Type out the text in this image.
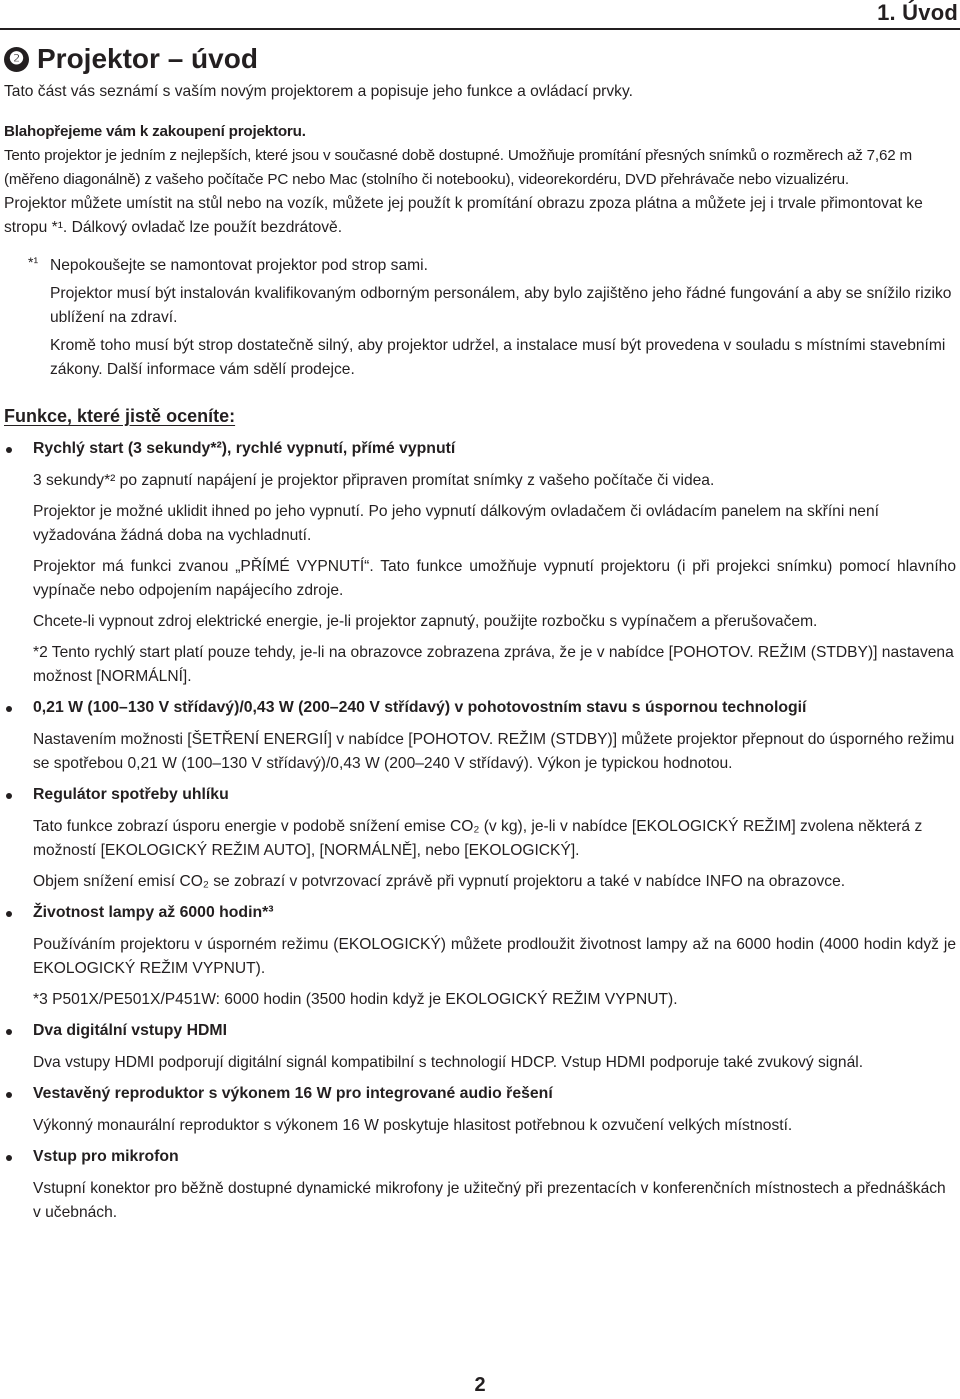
1. Úvod
❷ Projektor – úvod

Tato část vás seznámí s vaším novým projektorem a popisuje jeho funkce a ovládací prvky.

Blahopřejeme vám k zakoupení projektoru.

Tento projektor je jedním z nejlepších, které jsou v současné době dostupné. Umožňuje promítání přesných snímků o rozměrech až 7,62 m (měřeno diagonálně) z vašeho počítače PC nebo Mac (stolního či notebooku), videorekordéru, DVD přehrávače nebo vizualizéru.

Projektor můžete umístit na stůl nebo na vozík, můžete jej použít k promítání obrazu zpoza plátna a můžete jej i trvale přimontovat ke stropu *¹. Dálkový ovladač lze použít bezdrátově.

*¹ Nepokoušejte se namontovat projektor pod strop sami.

Projektor musí být instalován kvalifikovaným odborným personálem, aby bylo zajištěno jeho řádné fungování a aby se snížilo riziko ublížení na zdraví.

Kromě toho musí být strop dostatečně silný, aby projektor udržel, a instalace musí být provedena v souladu s místními stavebními zákony. Další informace vám sdělí prodejce.

Funkce, které jistě oceníte:
Rychlý start (3 sekundy*²), rychlé vypnutí, přímé vypnutí

3 sekundy*² po zapnutí napájení je projektor připraven promítat snímky z vašeho počítače či videa.

Projektor je možné uklidit ihned po jeho vypnutí. Po jeho vypnutí dálkovým ovladačem či ovládacím panelem na skříni není vyžadována žádná doba na vychladnutí.

Projektor má funkci zvanou „PŘÍMÉ VYPNUTÍ“. Tato funkce umožňuje vypnutí projektoru (i při projekci snímku) pomocí hlavního vypínače nebo odpojením napájecího zdroje.

Chcete-li vypnout zdroj elektrické energie, je-li projektor zapnutý, použijte rozbočku s vypínačem a přerušovačem.

*2 Tento rychlý start platí pouze tehdy, je-li na obrazovce zobrazena zpráva, že je v nabídce [POHOTOV. REŽIM (STDBY)] nastavena možnost [NORMÁLNÍ].

0,21 W (100–130 V střídavý)/0,43 W (200–240 V střídavý) v pohotovostním stavu s úspornou technologií

Nastavením možnosti [ŠETŘENÍ ENERGIÍ] v nabídce [POHOTOV. REŽIM (STDBY)] můžete projektor přepnout do úsporného režimu se spotřebou 0,21 W (100–130 V střídavý)/0,43 W (200–240 V střídavý). Výkon je typickou hodnotou.

Regulátor spotřeby uhlíku

Tato funkce zobrazí úsporu energie v podobě snížení emise CO₂ (v kg), je-li v nabídce [EKOLOGICKÝ REŽIM] zvolena některá z možností [EKOLOGICKÝ REŽIM AUTO], [NORMÁLNĚ], nebo [EKOLOGICKÝ].

Objem snížení emisí CO₂ se zobrazí v potvrzovací zprávě při vypnutí projektoru a také v nabídce INFO na obrazovce.

Životnost lampy až 6000 hodin*³

Používáním projektoru v úsporném režimu (EKOLOGICKÝ) můžete prodloužit životnost lampy až na 6000 hodin (4000 hodin když je EKOLOGICKÝ REŽIM VYPNUT).

*3 P501X/PE501X/P451W: 6000 hodin (3500 hodin když je EKOLOGICKÝ REŽIM VYPNUT).

Dva digitální vstupy HDMI

Dva vstupy HDMI podporují digitální signál kompatibilní s technologií HDCP. Vstup HDMI podporuje také zvukový signál.

Vestavěný reproduktor s výkonem 16 W pro integrované audio řešení

Výkonný monaurální reproduktor s výkonem 16 W poskytuje hlasitost potřebnou k ozvučení velkých místností.

Vstup pro mikrofon

Vstupní konektor pro běžně dostupné dynamické mikrofony je užitečný při prezentacích v konferenčních místnostech a přednáškách v učebnách.

2
